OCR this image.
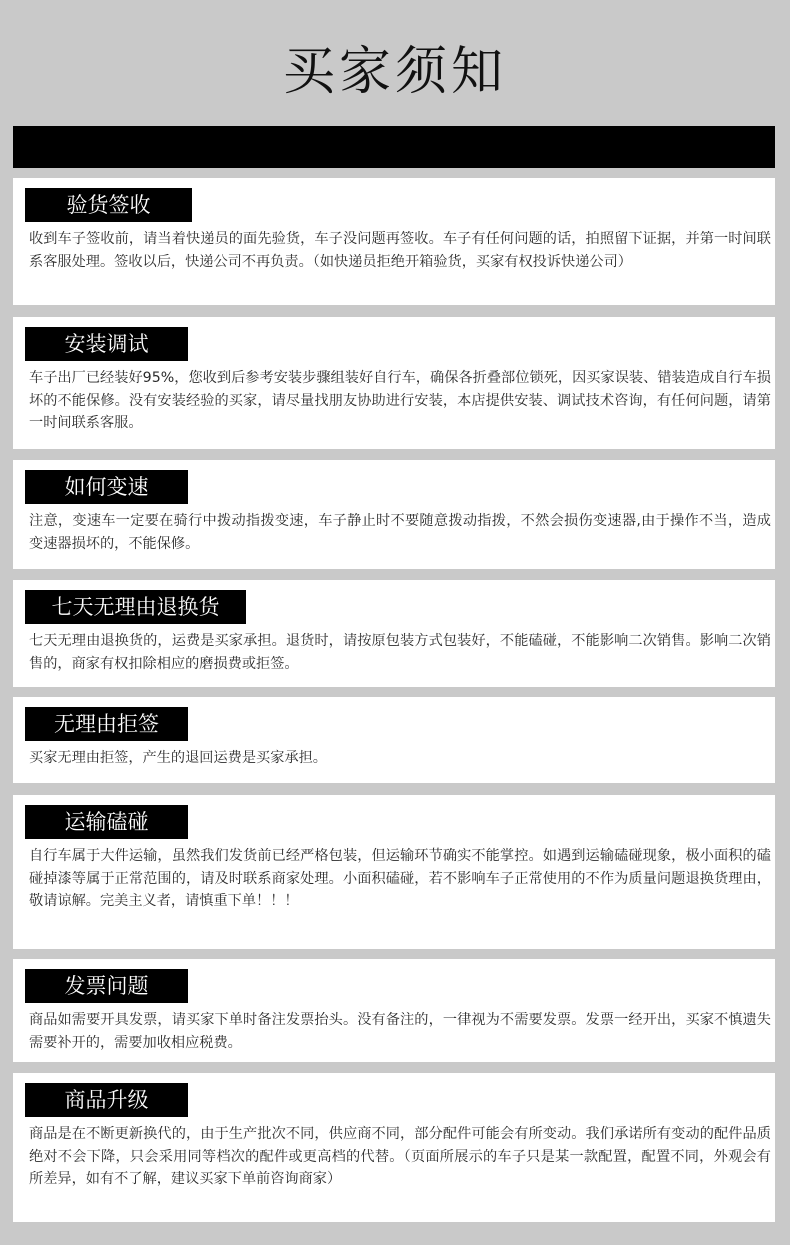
买家须知
验货签收

收到车子签收前，请当着快递员的面先验货，车子没问题再签收。车子有任何问题的话，拍照留下证据，并第一时间联系客服处理。签收以后，快递公司不再负责。（如快递员拒绝开箱验货，买家有权投诉快递公司）

安装调试

车子出厂已经装好95%，您收到后参考安装步骤组装好自行车，确保各折叠部位锁死，因买家误装、错装造成自行车损坏的不能保修。没有安装经验的买家，请尽量找朋友协助进行安装，本店提供安装、调试技术咨询，有任何问题，请第一时间联系客服。

如何变速

注意，变速车一定要在骑行中拨动指拨变速，车子静止时不要随意拨动指拨，不然会损伤变速器,由于操作不当，造成变速器损坏的，不能保修。

七天无理由退换货

七天无理由退换货的，运费是买家承担。退货时，请按原包装方式包装好，不能磕碰，不能影响二次销售。影响二次销售的，商家有权扣除相应的磨损费或拒签。

无理由拒签

买家无理由拒签，产生的退回运费是买家承担。

运输磕碰

自行车属于大件运输，虽然我们发货前已经严格包装，但运输环节确实不能掌控。如遇到运输磕碰现象，极小面积的磕碰掉漆等属于正常范围的，请及时联系商家处理。小面积磕碰，若不影响车子正常使用的不作为质量问题退换货理由，敬请谅解。完美主义者，请慎重下单！！！

发票问题

商品如需要开具发票，请买家下单时备注发票抬头。没有备注的，一律视为不需要发票。发票一经开出，买家不慎遗失需要补开的，需要加收相应税费。

商品升级

商品是在不断更新换代的，由于生产批次不同，供应商不同，部分配件可能会有所变动。我们承诺所有变动的配件品质绝对不会下降，只会采用同等档次的配件或更高档的代替。（页面所展示的车子只是某一款配置，配置不同，外观会有所差异，如有不了解，建议买家下单前咨询商家）
